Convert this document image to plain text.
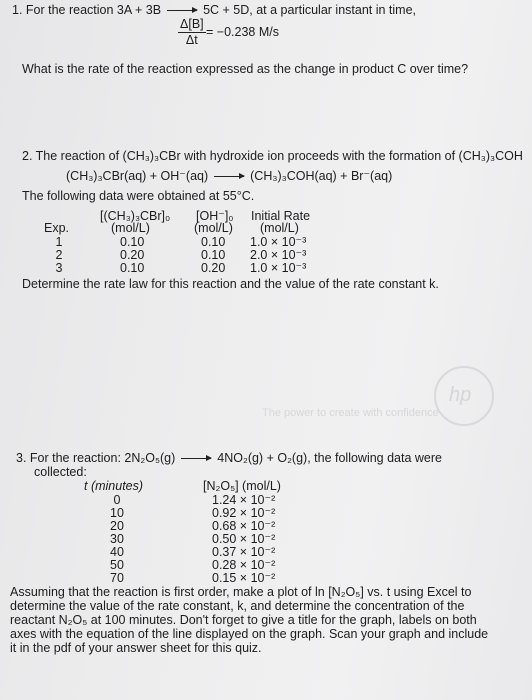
The power to create with confidence
hp
1. For the reaction 3A + 3B → 5C + 5D, at a particular instant in time,
$\frac{\Delta[B]}{\Delta t} = -0.238$ M/s
What is the rate of the reaction expressed as the change in product C over time?
2. The reaction of (CH₃)₃CBr with hydroxide ion proceeds with the formation of (CH₃)₃COH
(CH₃)₃CBr(aq) + OH⁻(aq) → (CH₃)₃COH(aq) + Br⁻(aq)
The following data were obtained at 55°C.
[(CH₃)₃CBr]₀ [OH⁻]₀ Initial Rate
Exp.	(mol/L)	(mol/L) (mol/L)
1	0.10	0.10 1.0 × 10⁻³
2	0.20	0.10 2.0 × 10⁻³
3	0.10	0.20 1.0 × 10⁻³
Determine the rate law for this reaction and the value of the rate constant k.
3. For the reaction: 2N₂O₅(g) → 4NO₂(g) + O₂(g), the following data were
collected:
t (minutes)	[N₂O₅] (mol/L)
0	1.24 × 10⁻²
10	0.92 × 10⁻²
20	0.68 × 10⁻²
30	0.50 × 10⁻²
40	0.37 × 10⁻²
50	0.28 × 10⁻²
70	0.15 × 10⁻²
Assuming that the reaction is first order, make a plot of ln [N₂O₅] vs. t using Excel to
determine the value of the rate constant, k, and determine the concentration of the
reactant N₂O₅ at 100 minutes. Don't forget to give a title for the graph, labels on both
axes with the equation of the line displayed on the graph. Scan your graph and include
it in the pdf of your answer sheet for this quiz.
